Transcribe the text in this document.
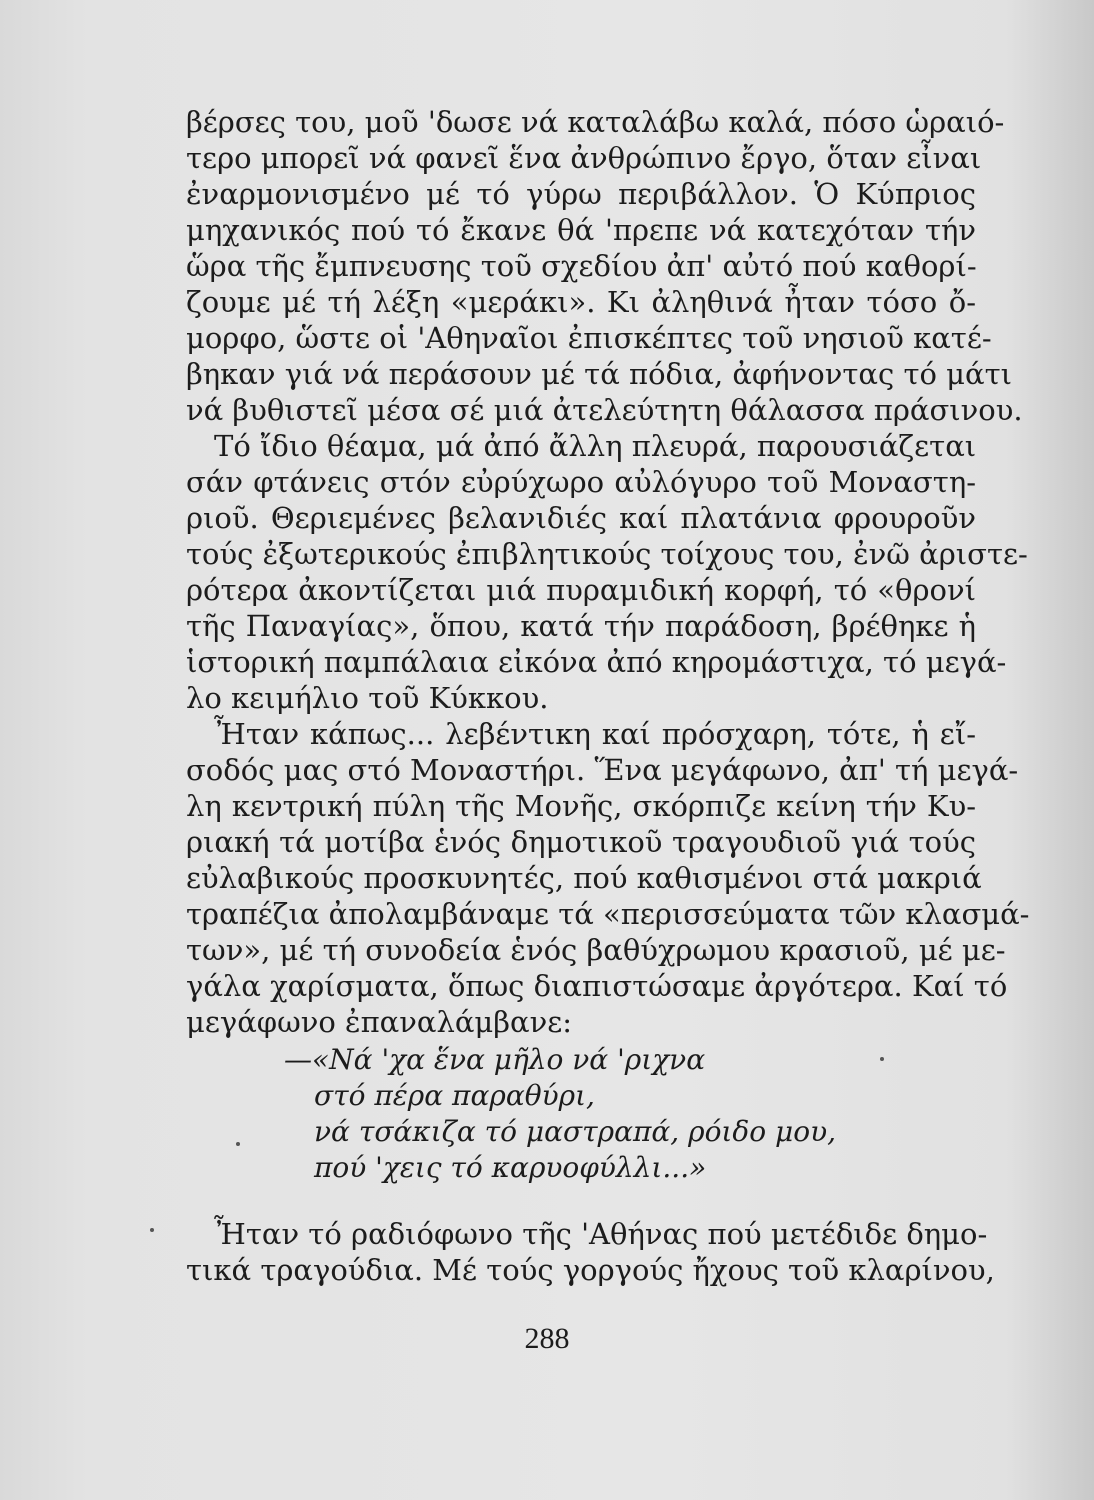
βέρσες του, μοῦ 'δωσε νά καταλάβω καλά, πόσο ὡραιό-
τερο μπορεῖ νά φανεῖ ἕνα ἀνθρώπινο ἔργο, ὅταν εἶναι
ἐναρμονισμένο μέ τό γύρω περιβάλλον. Ὁ Κύπριος
μηχανικός πού τό ἔκανε θά 'πρεπε νά κατεχόταν τήν
ὥρα τῆς ἔμπνευσης τοῦ σχεδίου ἀπ' αὐτό πού καθορί-
ζουμε μέ τή λέξη «μεράκι». Κι ἀληθινά ἦταν τόσο ὄ-
μορφο, ὥστε οἱ 'Αθηναῖοι ἐπισκέπτες τοῦ νησιοῦ κατέ-
βηκαν γιά νά περάσουν μέ τά πόδια, ἀφήνοντας τό μάτι
νά βυθιστεῖ μέσα σέ μιά ἀτελεύτητη θάλασσα πράσινου.
Τό ἴδιο θέαμα, μά ἀπό ἄλλη πλευρά, παρουσιάζεται
σάν φτάνεις στόν εὐρύχωρο αὐλόγυρο τοῦ Μοναστη-
ριοῦ. Θεριεμένες βελανιδιές καί πλατάνια φρουροῦν
τούς ἐξωτερικούς ἐπιβλητικούς τοίχους του, ἐνῶ ἀριστε-
ρότερα ἀκοντίζεται μιά πυραμιδική κορφή, τό «θρονί
τῆς Παναγίας», ὅπου, κατά τήν παράδοση, βρέθηκε ἡ
ἱστορική παμπάλαια εἰκόνα ἀπό κηρομάστιχα, τό μεγά-
λο κειμήλιο τοῦ Κύκκου.
Ἦταν κάπως... λεβέντικη καί πρόσχαρη, τότε, ἡ εἴ-
σοδός μας στό Μοναστήρι. Ἕνα μεγάφωνο, ἀπ' τή μεγά-
λη κεντρική πύλη τῆς Μονῆς, σκόρπιζε κείνη τήν Κυ-
ριακή τά μοτίβα ἑνός δημοτικοῦ τραγουδιοῦ γιά τούς
εὐλαβικούς προσκυνητές, πού καθισμένοι στά μακριά
τραπέζια ἀπολαμβάναμε τά «περισσεύματα τῶν κλασμά-
των», μέ τή συνοδεία ἑνός βαθύχρωμου κρασιοῦ, μέ με-
γάλα χαρίσματα, ὅπως διαπιστώσαμε ἀργότερα. Καί τό
μεγάφωνο ἐπαναλάμβανε:
—«Νά 'χα ἕνα μῆλο νά 'ριχνα
στό πέρα παραθύρι,
νά τσάκιζα τό μαστραπά, ρόιδο μου,
πού 'χεις τό καρυοφύλλι...»
Ἦταν τό ραδιόφωνο τῆς 'Αθήνας πού μετέδιδε δημο-
τικά τραγούδια. Μέ τούς γοργούς ἤχους τοῦ κλαρίνου,
288
